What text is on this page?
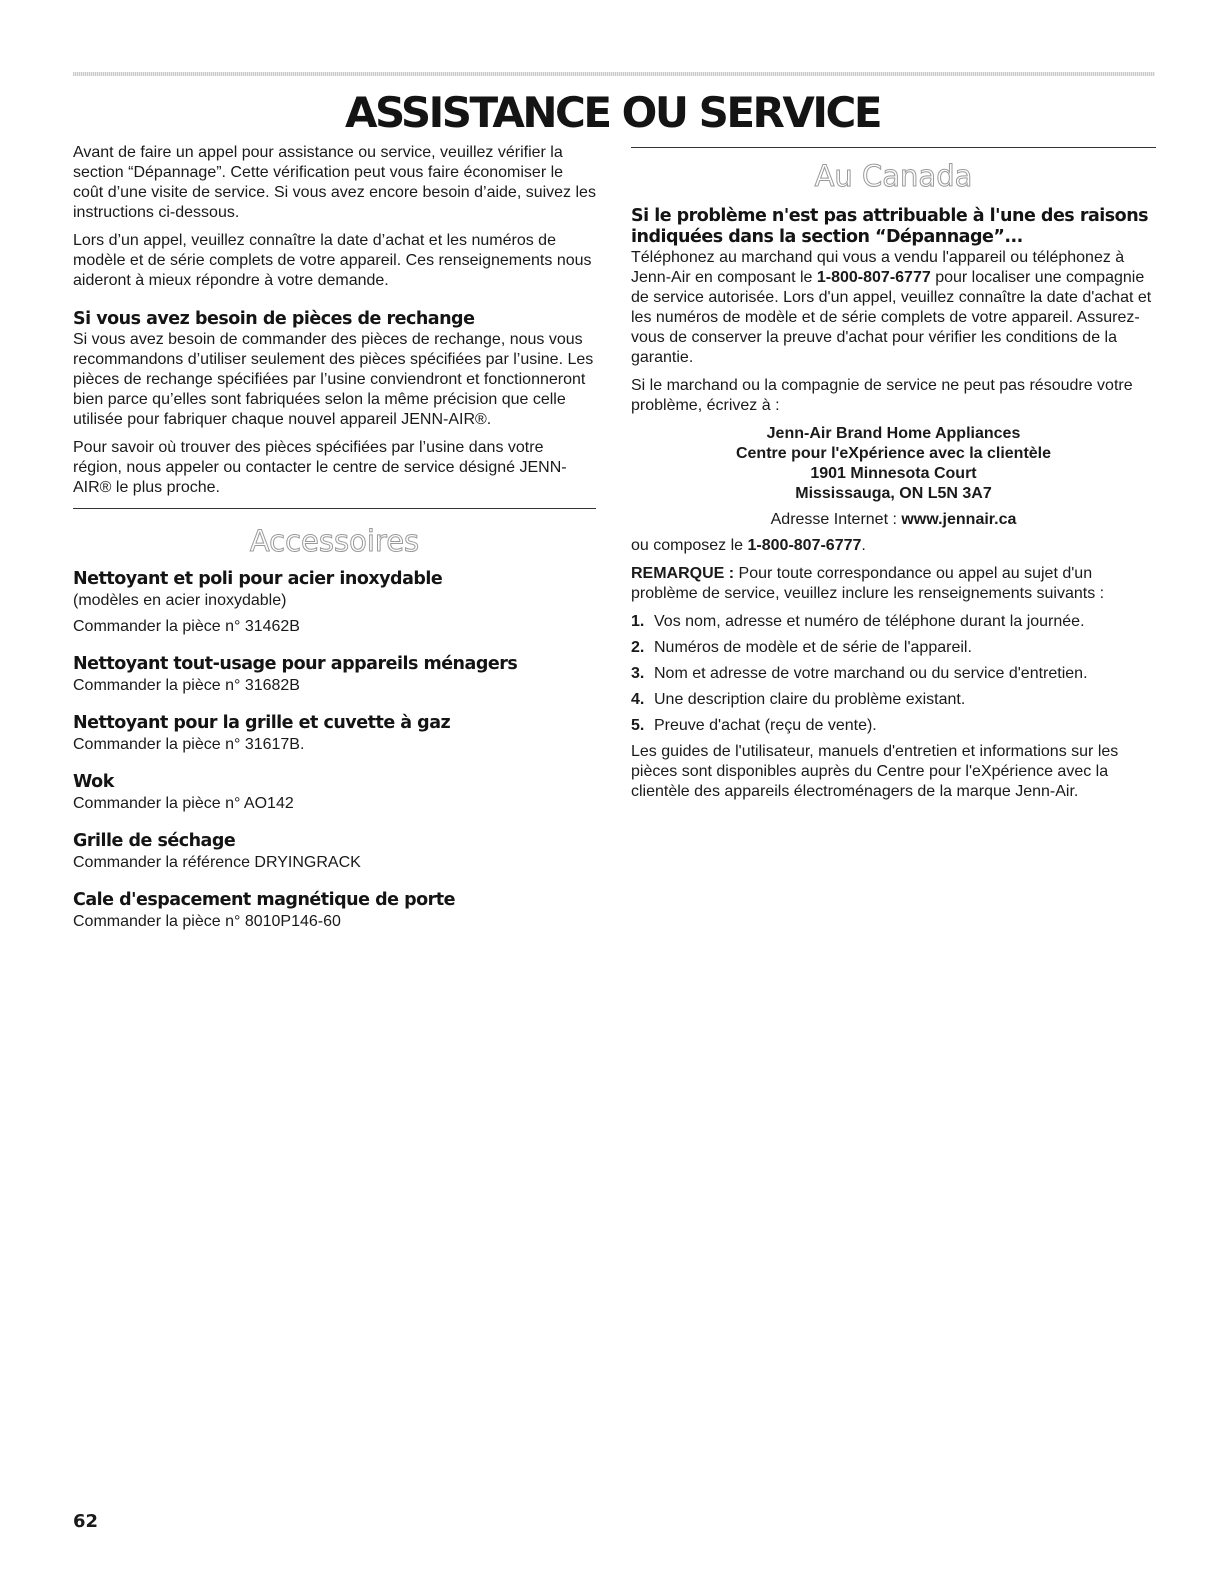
ASSISTANCE OU SERVICE

Avant de faire un appel pour assistance ou service, veuillez vérifier la section “Dépannage”. Cette vérification peut vous faire économiser le coût d’une visite de service. Si vous avez encore besoin d’aide, suivez les instructions ci-dessous.

Lors d’un appel, veuillez connaître la date d’achat et les numéros de modèle et de série complets de votre appareil. Ces renseignements nous aideront à mieux répondre à votre demande.

Si vous avez besoin de pièces de rechange

Si vous avez besoin de commander des pièces de rechange, nous vous recommandons d’utiliser seulement des pièces spécifiées par l’usine. Les pièces de rechange spécifiées par l’usine conviendront et fonctionneront bien parce qu’elles sont fabriquées selon la même précision que celle utilisée pour fabriquer chaque nouvel appareil JENN-AIR®.

Pour savoir où trouver des pièces spécifiées par l’usine dans votre région, nous appeler ou contacter le centre de service désigné JENN-AIR® le plus proche.

Accessoires
Nettoyant et poli pour acier inoxydable

(modèles en acier inoxydable)

Commander la pièce n° 31462B

Nettoyant tout-usage pour appareils ménagers

Commander la pièce n° 31682B

Nettoyant pour la grille et cuvette à gaz

Commander la pièce n° 31617B.

Wok

Commander la pièce n° AO142

Grille de séchage

Commander la référence DRYINGRACK

Cale d'espacement magnétique de porte

Commander la pièce n° 8010P146-60

Au Canada
Si le problème n'est pas attribuable à l'une des raisons indiquées dans la section “Dépannage”...

Téléphonez au marchand qui vous a vendu l'appareil ou téléphonez à Jenn-Air en composant le 1-800-807-6777 pour localiser une compagnie de service autorisée. Lors d'un appel, veuillez connaître la date d'achat et les numéros de modèle et de série complets de votre appareil. Assurez-vous de conserver la preuve d'achat pour vérifier les conditions de la garantie.

Si le marchand ou la compagnie de service ne peut pas résoudre votre problème, écrivez à :

Jenn-Air Brand Home Appliances
Centre pour l'eXpérience avec la clientèle
1901 Minnesota Court
Mississauga, ON L5N 3A7

Adresse Internet : www.jennair.ca

ou composez le 1-800-807-6777.

REMARQUE : Pour toute correspondance ou appel au sujet d'un problème de service, veuillez inclure les renseignements suivants :

1. Vos nom, adresse et numéro de téléphone durant la journée.
2. Numéros de modèle et de série de l'appareil.
3. Nom et adresse de votre marchand ou du service d'entretien.
4. Une description claire du problème existant.
5. Preuve d'achat (reçu de vente).

Les guides de l'utilisateur, manuels d'entretien et informations sur les pièces sont disponibles auprès du Centre pour l'eXpérience avec la clientèle des appareils électroménagers de la marque Jenn-Air.

62
